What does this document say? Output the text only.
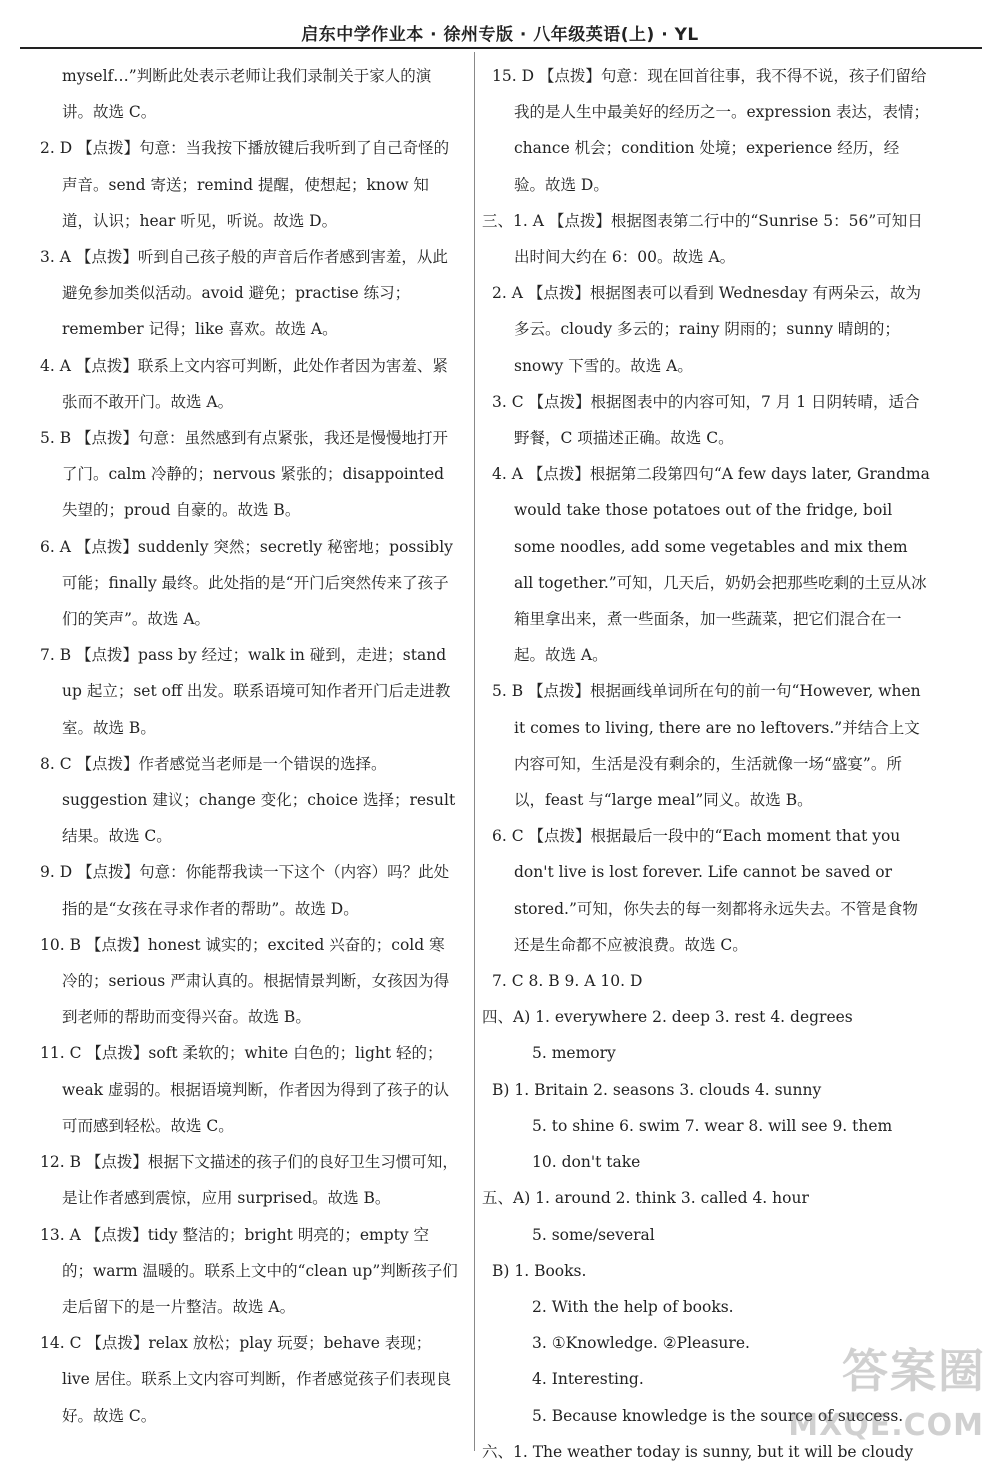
启东中学作业本 · 徐州专版 · 八年级英语(上) · YL

myself…”判断此处表示老师让我们录制关于家人的演讲。故选 C。

2. D 【点拨】句意：当我按下播放键后我听到了自己奇怪的声音。send 寄送；remind 提醒，使想起；know 知道，认识；hear 听见，听说。故选 D。

3. A 【点拨】听到自己孩子般的声音后作者感到害羞，从此避免参加类似活动。avoid 避免；practise 练习；remember 记得；like 喜欢。故选 A。

4. A 【点拨】联系上文内容可判断，此处作者因为害羞、紧张而不敢开门。故选 A。

5. B 【点拨】句意：虽然感到有点紧张，我还是慢慢地打开了门。calm 冷静的；nervous 紧张的；disappointed 失望的；proud 自豪的。故选 B。

6. A 【点拨】suddenly 突然；secretly 秘密地；possibly 可能；finally 最终。此处指的是“开门后突然传来了孩子们的笑声”。故选 A。

7. B 【点拨】pass by 经过；walk in 碰到，走进；stand up 起立；set off 出发。联系语境可知作者开门后走进教室。故选 B。

8. C 【点拨】作者感觉当老师是一个错误的选择。suggestion 建议；change 变化；choice 选择；result 结果。故选 C。

9. D 【点拨】句意：你能帮我读一下这个（内容）吗？此处指的是“女孩在寻求作者的帮助”。故选 D。

10. B 【点拨】honest 诚实的；excited 兴奋的；cold 寒冷的；serious 严肃认真的。根据情景判断，女孩因为得到老师的帮助而变得兴奋。故选 B。

11. C 【点拨】soft 柔软的；white 白色的；light 轻的；weak 虚弱的。根据语境判断，作者因为得到了孩子的认可而感到轻松。故选 C。

12. B 【点拨】根据下文描述的孩子们的良好卫生习惯可知，是让作者感到震惊，应用 surprised。故选 B。

13. A 【点拨】tidy 整洁的；bright 明亮的；empty 空的；warm 温暖的。联系上文中的“clean up”判断孩子们走后留下的是一片整洁。故选 A。

14. C 【点拨】relax 放松；play 玩耍；behave 表现；live 居住。联系上文内容可判断，作者感觉孩子们表现良好。故选 C。

15. D 【点拨】句意：现在回首往事，我不得不说，孩子们留给我的是人生中最美好的经历之一。expression 表达，表情；chance 机会；condition 处境；experience 经历，经验。故选 D。

三、1. A 【点拨】根据图表第二行中的“Sunrise 5：56”可知日出时间大约在 6：00。故选 A。

2. A 【点拨】根据图表可以看到 Wednesday 有两朵云，故为多云。cloudy 多云的；rainy 阴雨的；sunny 晴朗的；snowy 下雪的。故选 A。

3. C 【点拨】根据图表中的内容可知，7 月 1 日阴转晴，适合野餐，C 项描述正确。故选 C。

4. A 【点拨】根据第二段第四句“A few days later, Grandma would take those potatoes out of the fridge, boil some noodles, add some vegetables and mix them all together.”可知，几天后，奶奶会把那些吃剩的土豆从冰箱里拿出来，煮一些面条，加一些蔬菜，把它们混合在一起。故选 A。

5. B 【点拨】根据画线单词所在句的前一句“However, when it comes to living, there are no leftovers.”并结合上文内容可知，生活是没有剩余的，生活就像一场“盛宴”。所以，feast 与“large meal”同义。故选 B。

6. C 【点拨】根据最后一段中的“Each moment that you don't live is lost forever. Life cannot be saved or stored.”可知，你失去的每一刻都将永远失去。不管是食物还是生命都不应被浪费。故选 C。

7. C 8. B 9. A 10. D

四、A) 1. everywhere 2. deep 3. rest 4. degrees

5. memory

B) 1. Britain 2. seasons 3. clouds 4. sunny

5. to shine 6. swim 7. wear 8. will see 9. them

10. don't take

五、A) 1. around 2. think 3. called 4. hour

5. some/several

B) 1. Books.

2. With the help of books.

3. ①Knowledge. ②Pleasure.

4. Interesting.

5. Because knowledge is the source of success.

六、1. The weather today is sunny, but it will be cloudy

答案圈
MXQE.COM
